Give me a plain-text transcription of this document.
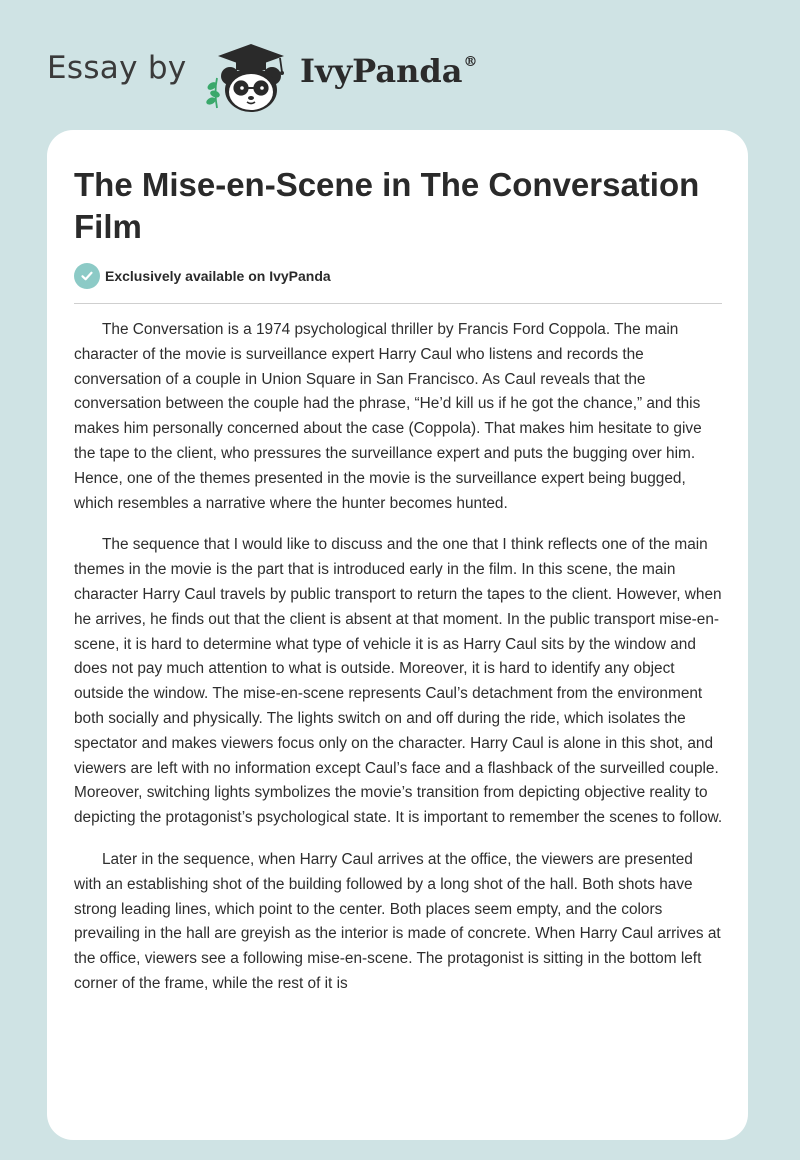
Essay by	IvyPanda®
The Mise-en-Scene in The Conversation Film
Exclusively available on IvyPanda

The Conversation is a 1974 psychological thriller by Francis Ford Coppola. The main character of the movie is surveillance expert Harry Caul who listens and records the conversation of a couple in Union Square in San Francisco. As Caul reveals that the conversation between the couple had the phrase, “He’d kill us if he got the chance,” and this makes him personally concerned about the case (Coppola). That makes him hesitate to give the tape to the client, who pressures the surveillance expert and puts the bugging over him. Hence, one of the themes presented in the movie is the surveillance expert being bugged, which resembles a narrative where the hunter becomes hunted.

The sequence that I would like to discuss and the one that I think reflects one of the main themes in the movie is the part that is introduced early in the film. In this scene, the main character Harry Caul travels by public transport to return the tapes to the client. However, when he arrives, he finds out that the client is absent at that moment. In the public transport mise-en-scene, it is hard to determine what type of vehicle it is as Harry Caul sits by the window and does not pay much attention to what is outside. Moreover, it is hard to identify any object outside the window. The mise-en-scene represents Caul’s detachment from the environment both socially and physically. The lights switch on and off during the ride, which isolates the spectator and makes viewers focus only on the character. Harry Caul is alone in this shot, and viewers are left with no information except Caul’s face and a flashback of the surveilled couple. Moreover, switching lights symbolizes the movie’s transition from depicting objective reality to depicting the protagonist’s psychological state. It is important to remember the scenes to follow.

Later in the sequence, when Harry Caul arrives at the office, the viewers are presented with an establishing shot of the building followed by a long shot of the hall. Both shots have strong leading lines, which point to the center. Both places seem empty, and the colors prevailing in the hall are greyish as the interior is made of concrete. When Harry Caul arrives at the office, viewers see a following mise-en-scene. The protagonist is sitting in the bottom left corner of the frame, while the rest of it is
